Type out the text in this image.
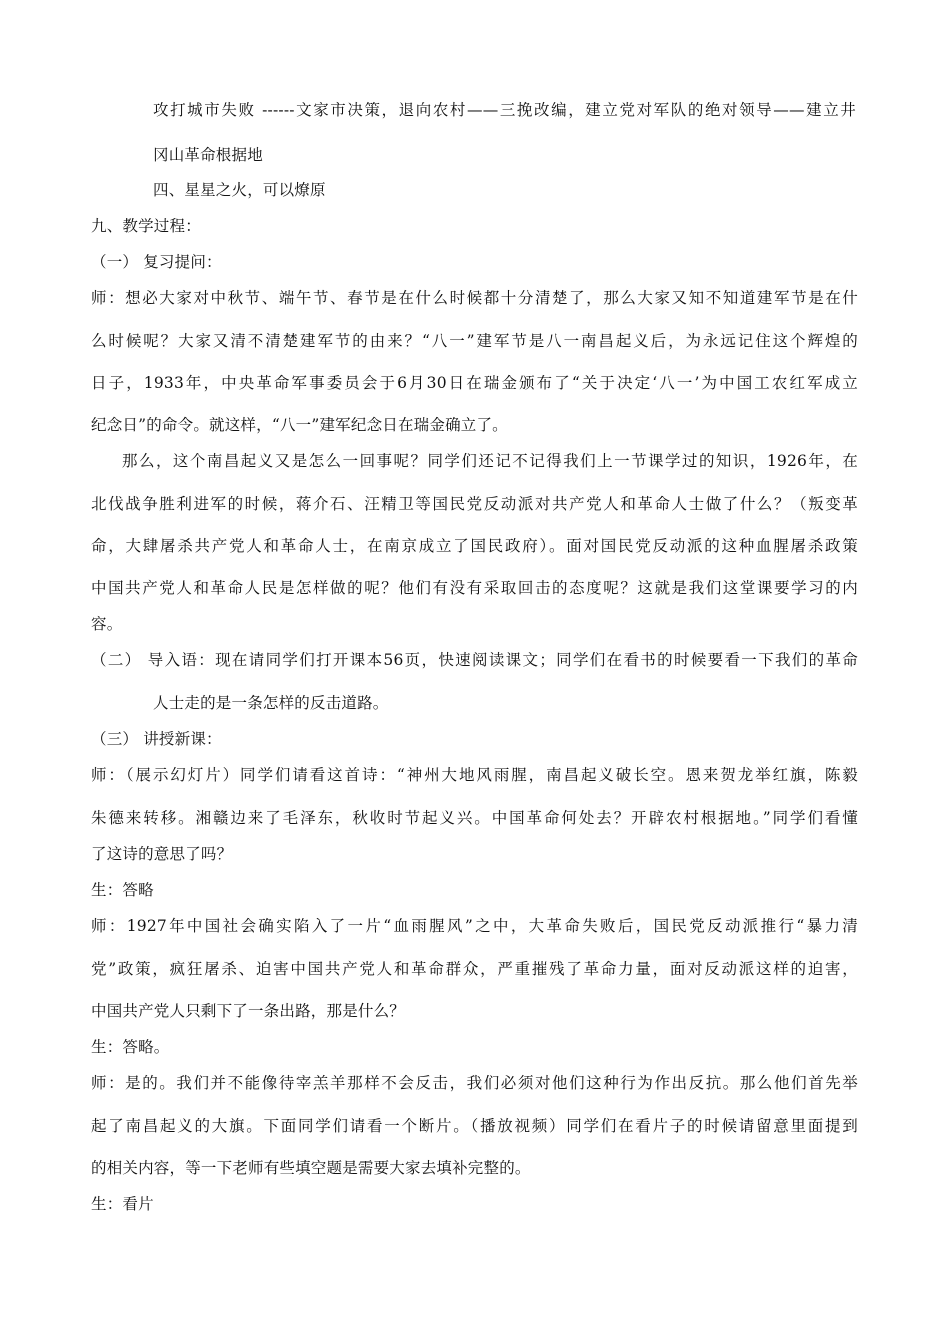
攻打城市失败 ------文家市决策，退向农村——三挽改编，建立党对军队的绝对领导——建立井
冈山革命根据地
四、星星之火，可以燎原
九、教学过程：
（一） 复习提问：
师：想必大家对中秋节、端午节、春节是在什么时候都十分清楚了，那么大家又知不知道建军节是在什
么时候呢？大家又清不清楚建军节的由来？“八一”建军节是八一南昌起义后，为永远记住这个辉煌的
日子，1933年，中央革命军事委员会于6月30日在瑞金颁布了“关于决定‘八一’为中国工农红军成立
纪念日”的命令。就这样，“八一”建军纪念日在瑞金确立了。
那么，这个南昌起义又是怎么一回事呢？同学们还记不记得我们上一节课学过的知识，1926年，在
北伐战争胜利进军的时候，蒋介石、汪精卫等国民党反动派对共产党人和革命人士做了什么？（叛变革
命，大肆屠杀共产党人和革命人士，在南京成立了国民政府）。面对国民党反动派的这种血腥屠杀政策
中国共产党人和革命人民是怎样做的呢？他们有没有采取回击的态度呢？这就是我们这堂课要学习的内
容。
（二） 导入语：现在请同学们打开课本56页，快速阅读课文；同学们在看书的时候要看一下我们的革命
人士走的是一条怎样的反击道路。
（三） 讲授新课：
师：（展示幻灯片）同学们请看这首诗：“神州大地风雨腥，南昌起义破长空。恩来贺龙举红旗，陈毅
朱德来转移。湘赣边来了毛泽东，秋收时节起义兴。中国革命何处去？开辟农村根据地。”同学们看懂
了这诗的意思了吗？
生：答略
师：1927年中国社会确实陷入了一片“血雨腥风”之中，大革命失败后，国民党反动派推行“暴力清
党”政策，疯狂屠杀、迫害中国共产党人和革命群众，严重摧残了革命力量，面对反动派这样的迫害，
中国共产党人只剩下了一条出路，那是什么？
生：答略。
师：是的。我们并不能像待宰羔羊那样不会反击，我们必须对他们这种行为作出反抗。那么他们首先举
起了南昌起义的大旗。下面同学们请看一个断片。（播放视频）同学们在看片子的时候请留意里面提到
的相关内容，等一下老师有些填空题是需要大家去填补完整的。
生：看片
